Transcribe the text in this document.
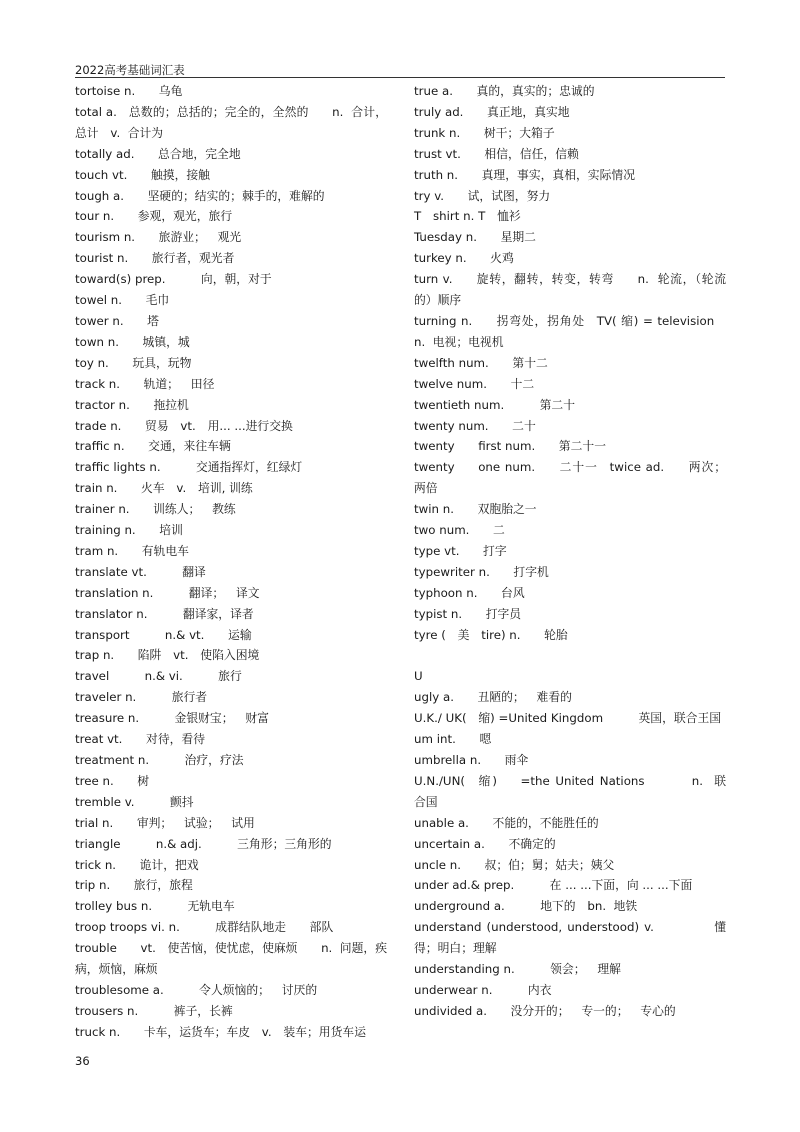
2022高考基础词汇表
tortoise n.  乌龟
total a. 总数的；总括的；完全的，全然的  n.  合计，总计 v.  合计为
totally ad.  总合地，完全地
touch vt.  触摸，接触
tough a.  坚硬的；结实的；棘手的，难解的
tour n.  参观，观光，旅行
tourism n.  旅游业； 观光
tourist n.  旅行者，观光者
toward(s) prep.   向，朝，对于
towel n.  毛巾
tower n.  塔
town n.  城镇，城
toy n.  玩具，玩物
track n.  轨道； 田径
tractor n.  拖拉机
trade n.  贸易 vt. 用... ...进行交换
traffic n.  交通，来往车辆
traffic lights n.   交通指挥灯，红绿灯
train n.  火车 v. 培训, 训练
trainer n.  训练人； 教练
training n.  培训
tram n.  有轨电车
translate vt.   翻译
translation n.   翻译； 译文
translator n.   翻译家，译者
transport   n.& vt.  运输
trap n.  陷阱 vt. 使陷入困境
travel   n.& vi.   旅行
traveler n.   旅行者
treasure n.   金银财宝； 财富
treat vt.  对待，看待
treatment n.   治疗，疗法
tree n.  树
tremble v.   颤抖
trial n.  审判； 试验； 试用
triangle   n.& adj.   三角形；三角形的
trick n.  诡计，把戏
trip n.  旅行，旅程
trolley bus n.   无轨电车
troop troops vi. n.   成群结队地走  部队
trouble  vt. 使苦恼，使忧虑，使麻烦  n.  问题，疾病，烦恼，麻烦
troublesome a.   令人烦恼的； 讨厌的
trousers n.   裤子，长裤
truck n.  卡车，运货车；车皮 v. 装车；用货车运
true a.  真的，真实的；忠诚的
truly ad.  真正地，真实地
trunk n.  树干；大箱子
trust vt.  相信，信任，信赖
truth n.  真理，事实，真相，实际情况
try v.  试，试图，努力
T shirt n. T 恤衫
Tuesday n.  星期二
turkey n.  火鸡
turn v.  旋转，翻转，转变，转弯  n.  轮流，（轮流的）顺序
turning n.  拐弯处，拐角处 TV( 缩) = television n.  电视；电视机
twelfth num.  第十二
twelve num.  十二
twentieth num.   第二十
twenty num.  二十
twenty  first num.  第二十一
twenty  one num.  二十一 twice ad.  两次；两倍
twin n.  双胞胎之一
two num.  二
type vt.  打字
typewriter n.  打字机
typhoon n.  台风
typist n.  打字员
tyre ( 美 tire) n.  轮胎
U
ugly a.  丑陋的； 难看的
U.K./ UK( 缩) =United Kingdom   英国，联合王国
um int.  嗯
umbrella n.  雨伞
U.N./UN( 缩)  =the United Nations    n.  联合国
unable a.  不能的，不能胜任的
uncertain a.  不确定的
uncle n.  叔；伯；舅；姑夫；姨父
under ad.& prep.   在 ... ...下面，向 ... ...下面
underground a.   地下的 bn.  地铁
understand (understood, understood) v.     懂得；明白；理解
understanding n.   领会； 理解
underwear n.   内衣
undivided a.  没分开的； 专一的； 专心的
36
